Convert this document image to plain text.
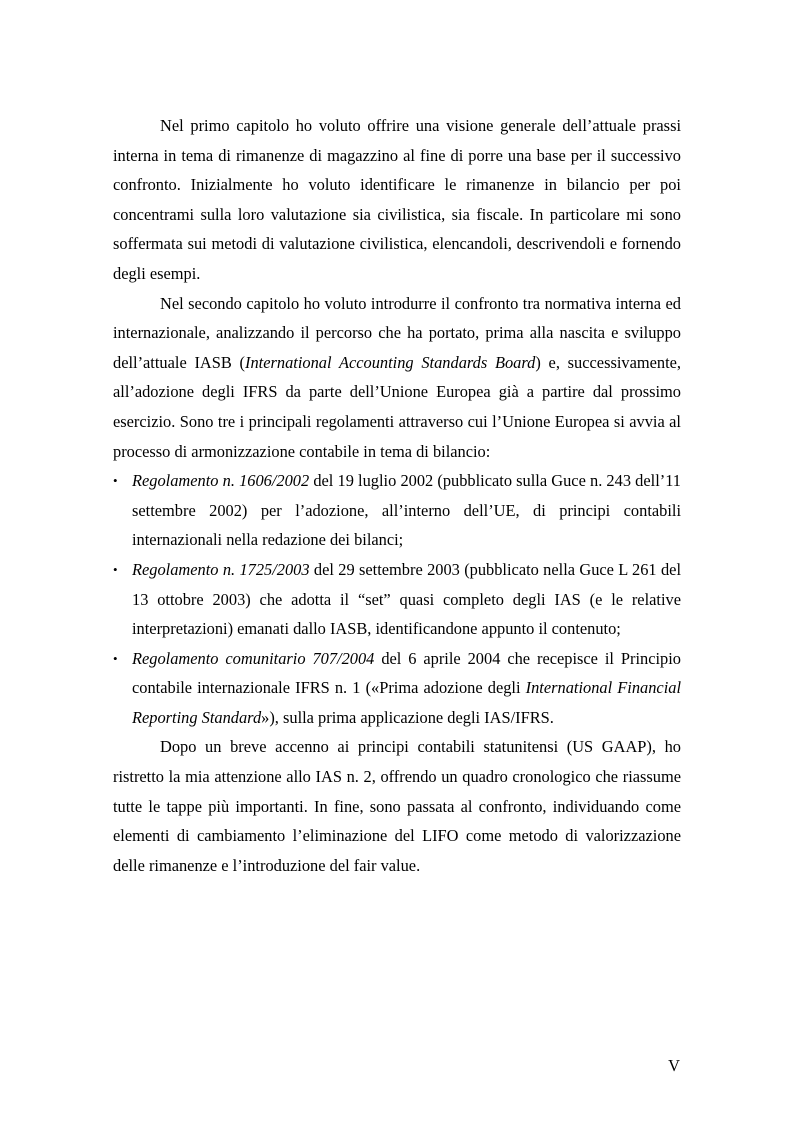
Nel primo capitolo ho voluto offrire una visione generale dell’attuale prassi interna in tema di rimanenze di magazzino al fine di porre una base per il successivo confronto. Inizialmente ho voluto identificare le rimanenze in bilancio per poi concentrami sulla loro valutazione sia civilistica, sia fiscale. In particolare mi sono soffermata sui metodi di valutazione civilistica, elencandoli, descrivendoli e fornendo degli esempi.

Nel secondo capitolo ho voluto introdurre il confronto tra normativa interna ed internazionale, analizzando il percorso che ha portato, prima alla nascita e sviluppo dell’attuale IASB (International Accounting Standards Board) e, successivamente, all’adozione degli IFRS da parte dell’Unione Europea già a partire dal prossimo esercizio. Sono tre i principali regolamenti attraverso cui l’Unione Europea si avvia al processo di armonizzazione contabile in tema di bilancio:

• Regolamento n. 1606/2002 del 19 luglio 2002 (pubblicato sulla Guce n. 243 dell’11 settembre 2002) per l’adozione, all’interno dell’UE, di principi contabili internazionali nella redazione dei bilanci;
• Regolamento n. 1725/2003 del 29 settembre 2003 (pubblicato nella Guce L 261 del 13 ottobre 2003) che adotta il “set” quasi completo degli IAS (e le relative interpretazioni) emanati dallo IASB, identificandone appunto il contenuto;
• Regolamento comunitario 707/2004 del 6 aprile 2004 che recepisce il Principio contabile internazionale IFRS n. 1 («Prima adozione degli International Financial Reporting Standard»), sulla prima applicazione degli IAS/IFRS.

Dopo un breve accenno ai principi contabili statunitensi (US GAAP), ho ristretto la mia attenzione allo IAS n. 2, offrendo un quadro cronologico che riassume tutte le tappe più importanti. In fine, sono passata al confronto, individuando come elementi di cambiamento l’eliminazione del LIFO come metodo di valorizzazione delle rimanenze e l’introduzione del fair value.

V
